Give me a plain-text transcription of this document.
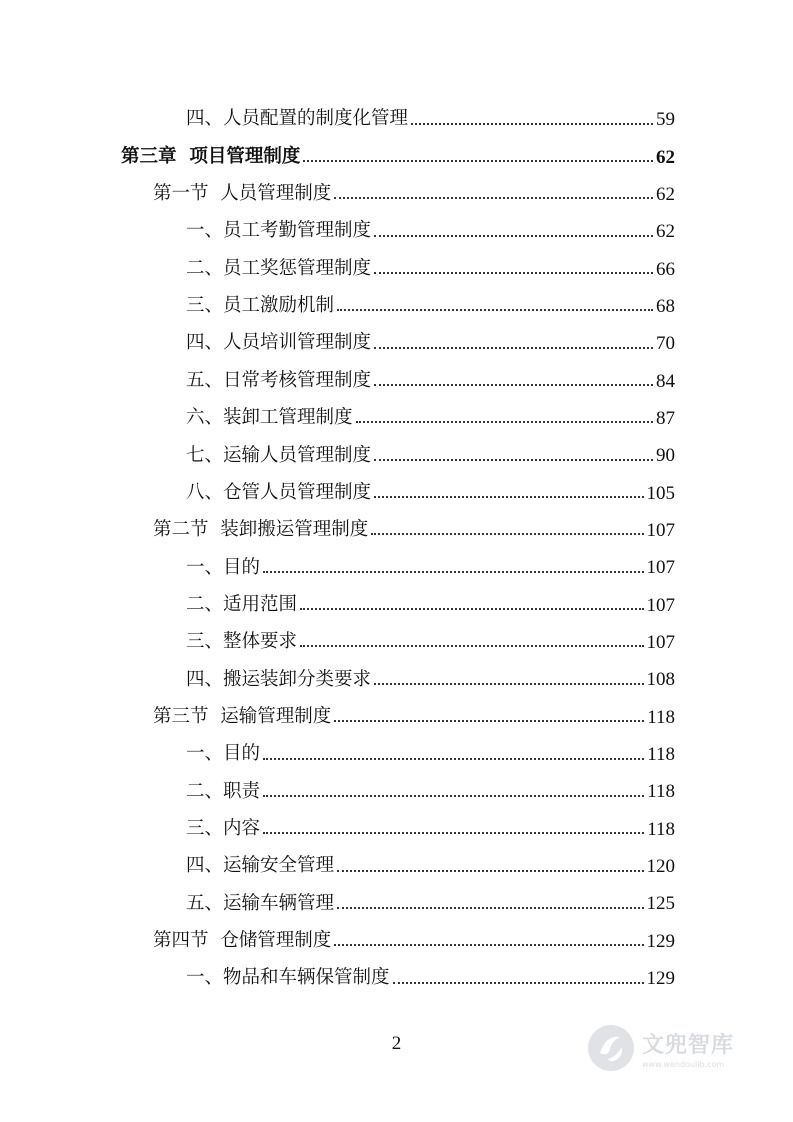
四、人员配置的制度化管理	59
第三章  项目管理制度	62
第一节  人员管理制度	62
一、员工考勤管理制度	62
二、员工奖惩管理制度	66
三、员工激励机制	68
四、人员培训管理制度	70
五、日常考核管理制度	84
六、装卸工管理制度	87
七、运输人员管理制度	90
八、仓管人员管理制度	105
第二节  装卸搬运管理制度	107
一、目的	107
二、适用范围	107
三、整体要求	107
四、搬运装卸分类要求	108
第三节  运输管理制度	118
一、目的	118
二、职责	118
三、内容	118
四、运输安全管理	120
五、运输车辆管理	125
第四节  仓储管理制度	129
一、物品和车辆保管制度	129
2	文兜智库
www.wendoulib.com
